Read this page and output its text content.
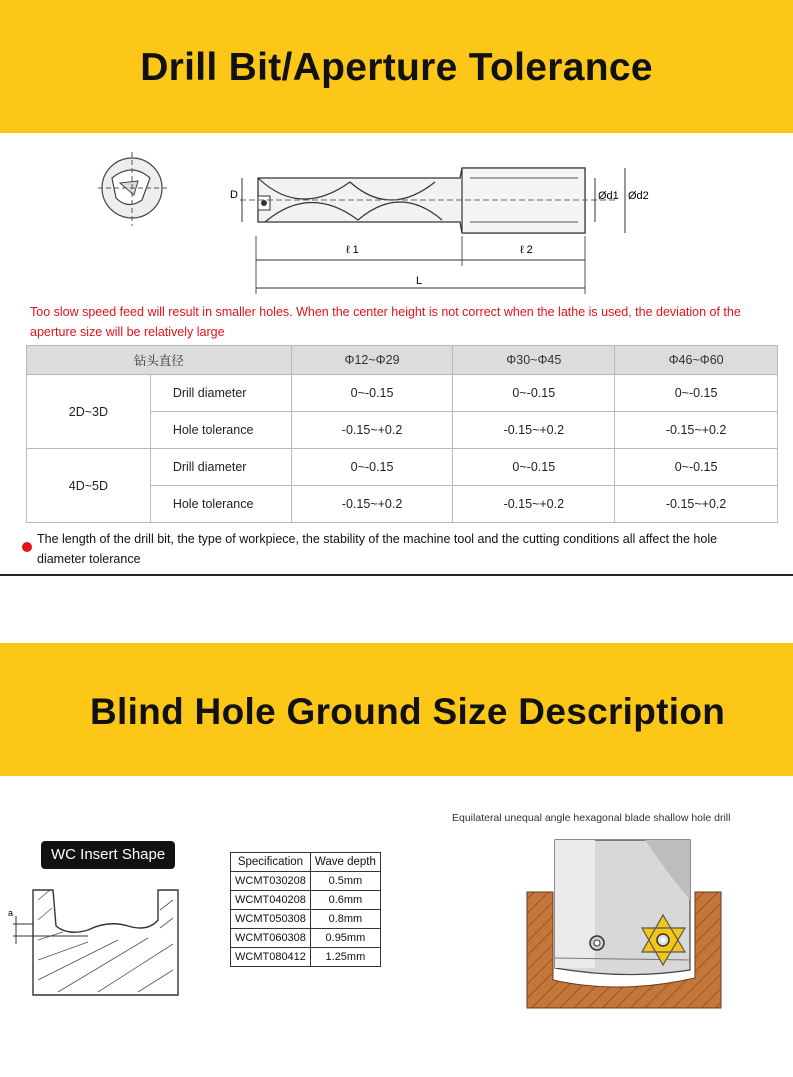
Drill Bit/Aperture Tolerance
D
ℓ 1	ℓ 2
L
Ød1 Ød2
Too slow speed feed will result in smaller holes. When the center height is not correct when the lathe is used, the deviation of the aperture size will be relatively large
钻头直径		Φ12~Φ29	Φ30~Φ45	Φ46~Φ60
2D~3D	Drill diameter	0~-0.15	0~-0.15	0~-0.15
	Hole tolerance	-0.15~+0.2	-0.15~+0.2	-0.15~+0.2
4D~5D	Drill diameter	0~-0.15	0~-0.15	0~-0.15
	Hole tolerance	-0.15~+0.2	-0.15~+0.2	-0.15~+0.2
The length of the drill bit, the type of workpiece, the stability of the machine tool and the cutting conditions all affect the hole diameter tolerance
Blind Hole Ground Size Description
WC Insert Shape
a
Specification	Wave depth
WCMT030208	0.5mm
WCMT040208	0.6mm
WCMT050308	0.8mm
WCMT060308	0.95mm
WCMT080412	1.25mm
Equilateral unequal angle hexagonal blade shallow hole drill
